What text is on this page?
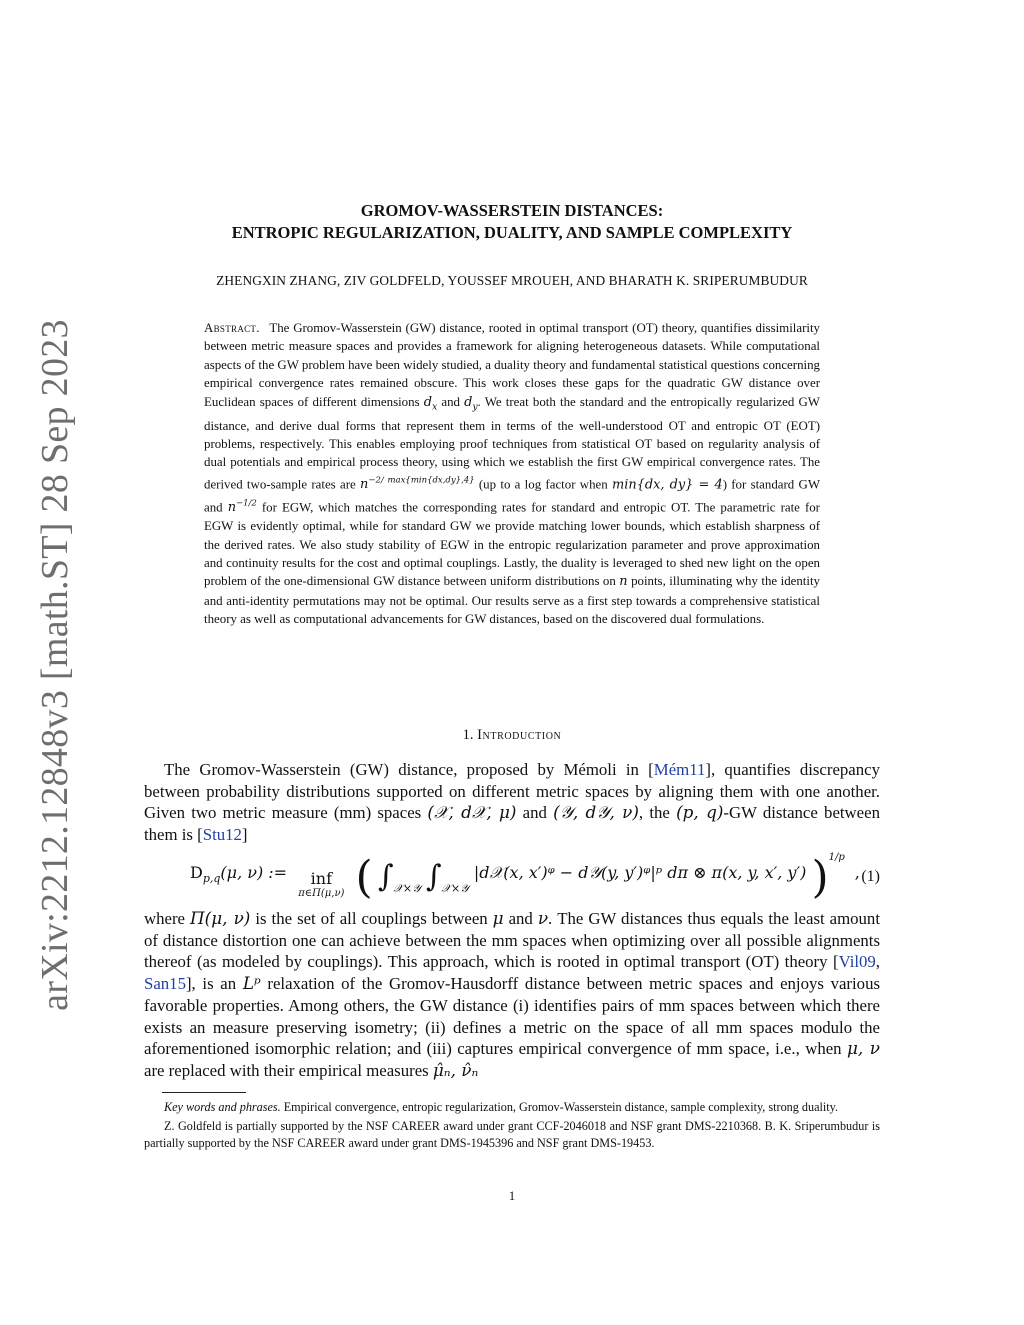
arXiv:2212.12848v3 [math.ST] 28 Sep 2023
GROMOV-WASSERSTEIN DISTANCES:
ENTROPIC REGULARIZATION, DUALITY, AND SAMPLE COMPLEXITY
ZHENGXIN ZHANG, ZIV GOLDFELD, YOUSSEF MROUEH, AND BHARATH K. SRIPERUMBUDUR
Abstract. The Gromov-Wasserstein (GW) distance, rooted in optimal transport (OT) theory, quantifies dissimilarity between metric measure spaces and provides a framework for aligning heterogeneous datasets. While computational aspects of the GW problem have been widely studied, a duality theory and fundamental statistical questions concerning empirical convergence rates remained obscure. This work closes these gaps for the quadratic GW distance over Euclidean spaces of different dimensions $d_x$ and $d_y$. We treat both the standard and the entropically regularized GW distance, and derive dual forms that represent them in terms of the well-understood OT and entropic OT (EOT) problems, respectively. This enables employing proof techniques from statistical OT based on regularity analysis of dual potentials and empirical process theory, using which we establish the first GW empirical convergence rates. The derived two-sample rates are $n^{-2/ max\{min\{dx,dy\},4\}}$ (up to a log factor when min{dx, dy} = 4) for standard GW and $n^{-1/2}$ for EGW, which matches the corresponding rates for standard and entropic OT. The parametric rate for EGW is evidently optimal, while for standard GW we provide matching lower bounds, which establish sharpness of the derived rates. We also study stability of EGW in the entropic regularization parameter and prove approximation and continuity results for the cost and optimal couplings. Lastly, the duality is leveraged to shed new light on the open problem of the one-dimensional GW distance between uniform distributions on n points, illuminating why the identity and anti-identity permutations may not be optimal. Our results serve as a first step towards a comprehensive statistical theory as well as computational advancements for GW distances, based on the discovered dual formulations.
1. Introduction
The Gromov-Wasserstein (GW) distance, proposed by Mémoli in [Mém11], quantifies discrepancy between probability distributions supported on different metric spaces by aligning them with one another. Given two metric measure (mm) spaces (𝒳, d𝒳, μ) and (𝒴, d𝒴, ν), the (p, q)-GW distance between them is [Stu12]
$D_{p,q}(\mu$, ν) :=	inf
π∈Π(μ,ν) ( $\int_{𝒳\times 𝒴}$ $\int_{𝒳\times 𝒴}$ |d𝒳(x, x′)ᵠ − d𝒴(y, y′)ᵠ|ᵖ dπ ⊗ π(x, y, x′, y′) )$^{1/p}$, (1)
where Π(μ, ν) is the set of all couplings between μ and ν. The GW distances thus equals the least amount of distance distortion one can achieve between the mm spaces when optimizing over all possible alignments thereof (as modeled by couplings). This approach, which is rooted in optimal transport (OT) theory [Vil09, San15], is an Lᵖ relaxation of the Gromov-Hausdorff distance between metric spaces and enjoys various favorable properties. Among others, the GW distance (i) identifies pairs of mm spaces between which there exists an measure preserving isometry; (ii) defines a metric on the space of all mm spaces modulo the aforementioned isomorphic relation; and (iii) captures empirical convergence of mm space, i.e., when μ, ν are replaced with their empirical measures μ̂ₙ, ν̂ₙ

Key words and phrases. Empirical convergence, entropic regularization, Gromov-Wasserstein distance, sample complexity, strong duality.

Z. Goldfeld is partially supported by the NSF CAREER award under grant CCF-2046018 and NSF grant DMS-2210368. B. K. Sriperumbudur is partially supported by the NSF CAREER award under grant DMS-1945396 and NSF grant DMS-19453.

1
